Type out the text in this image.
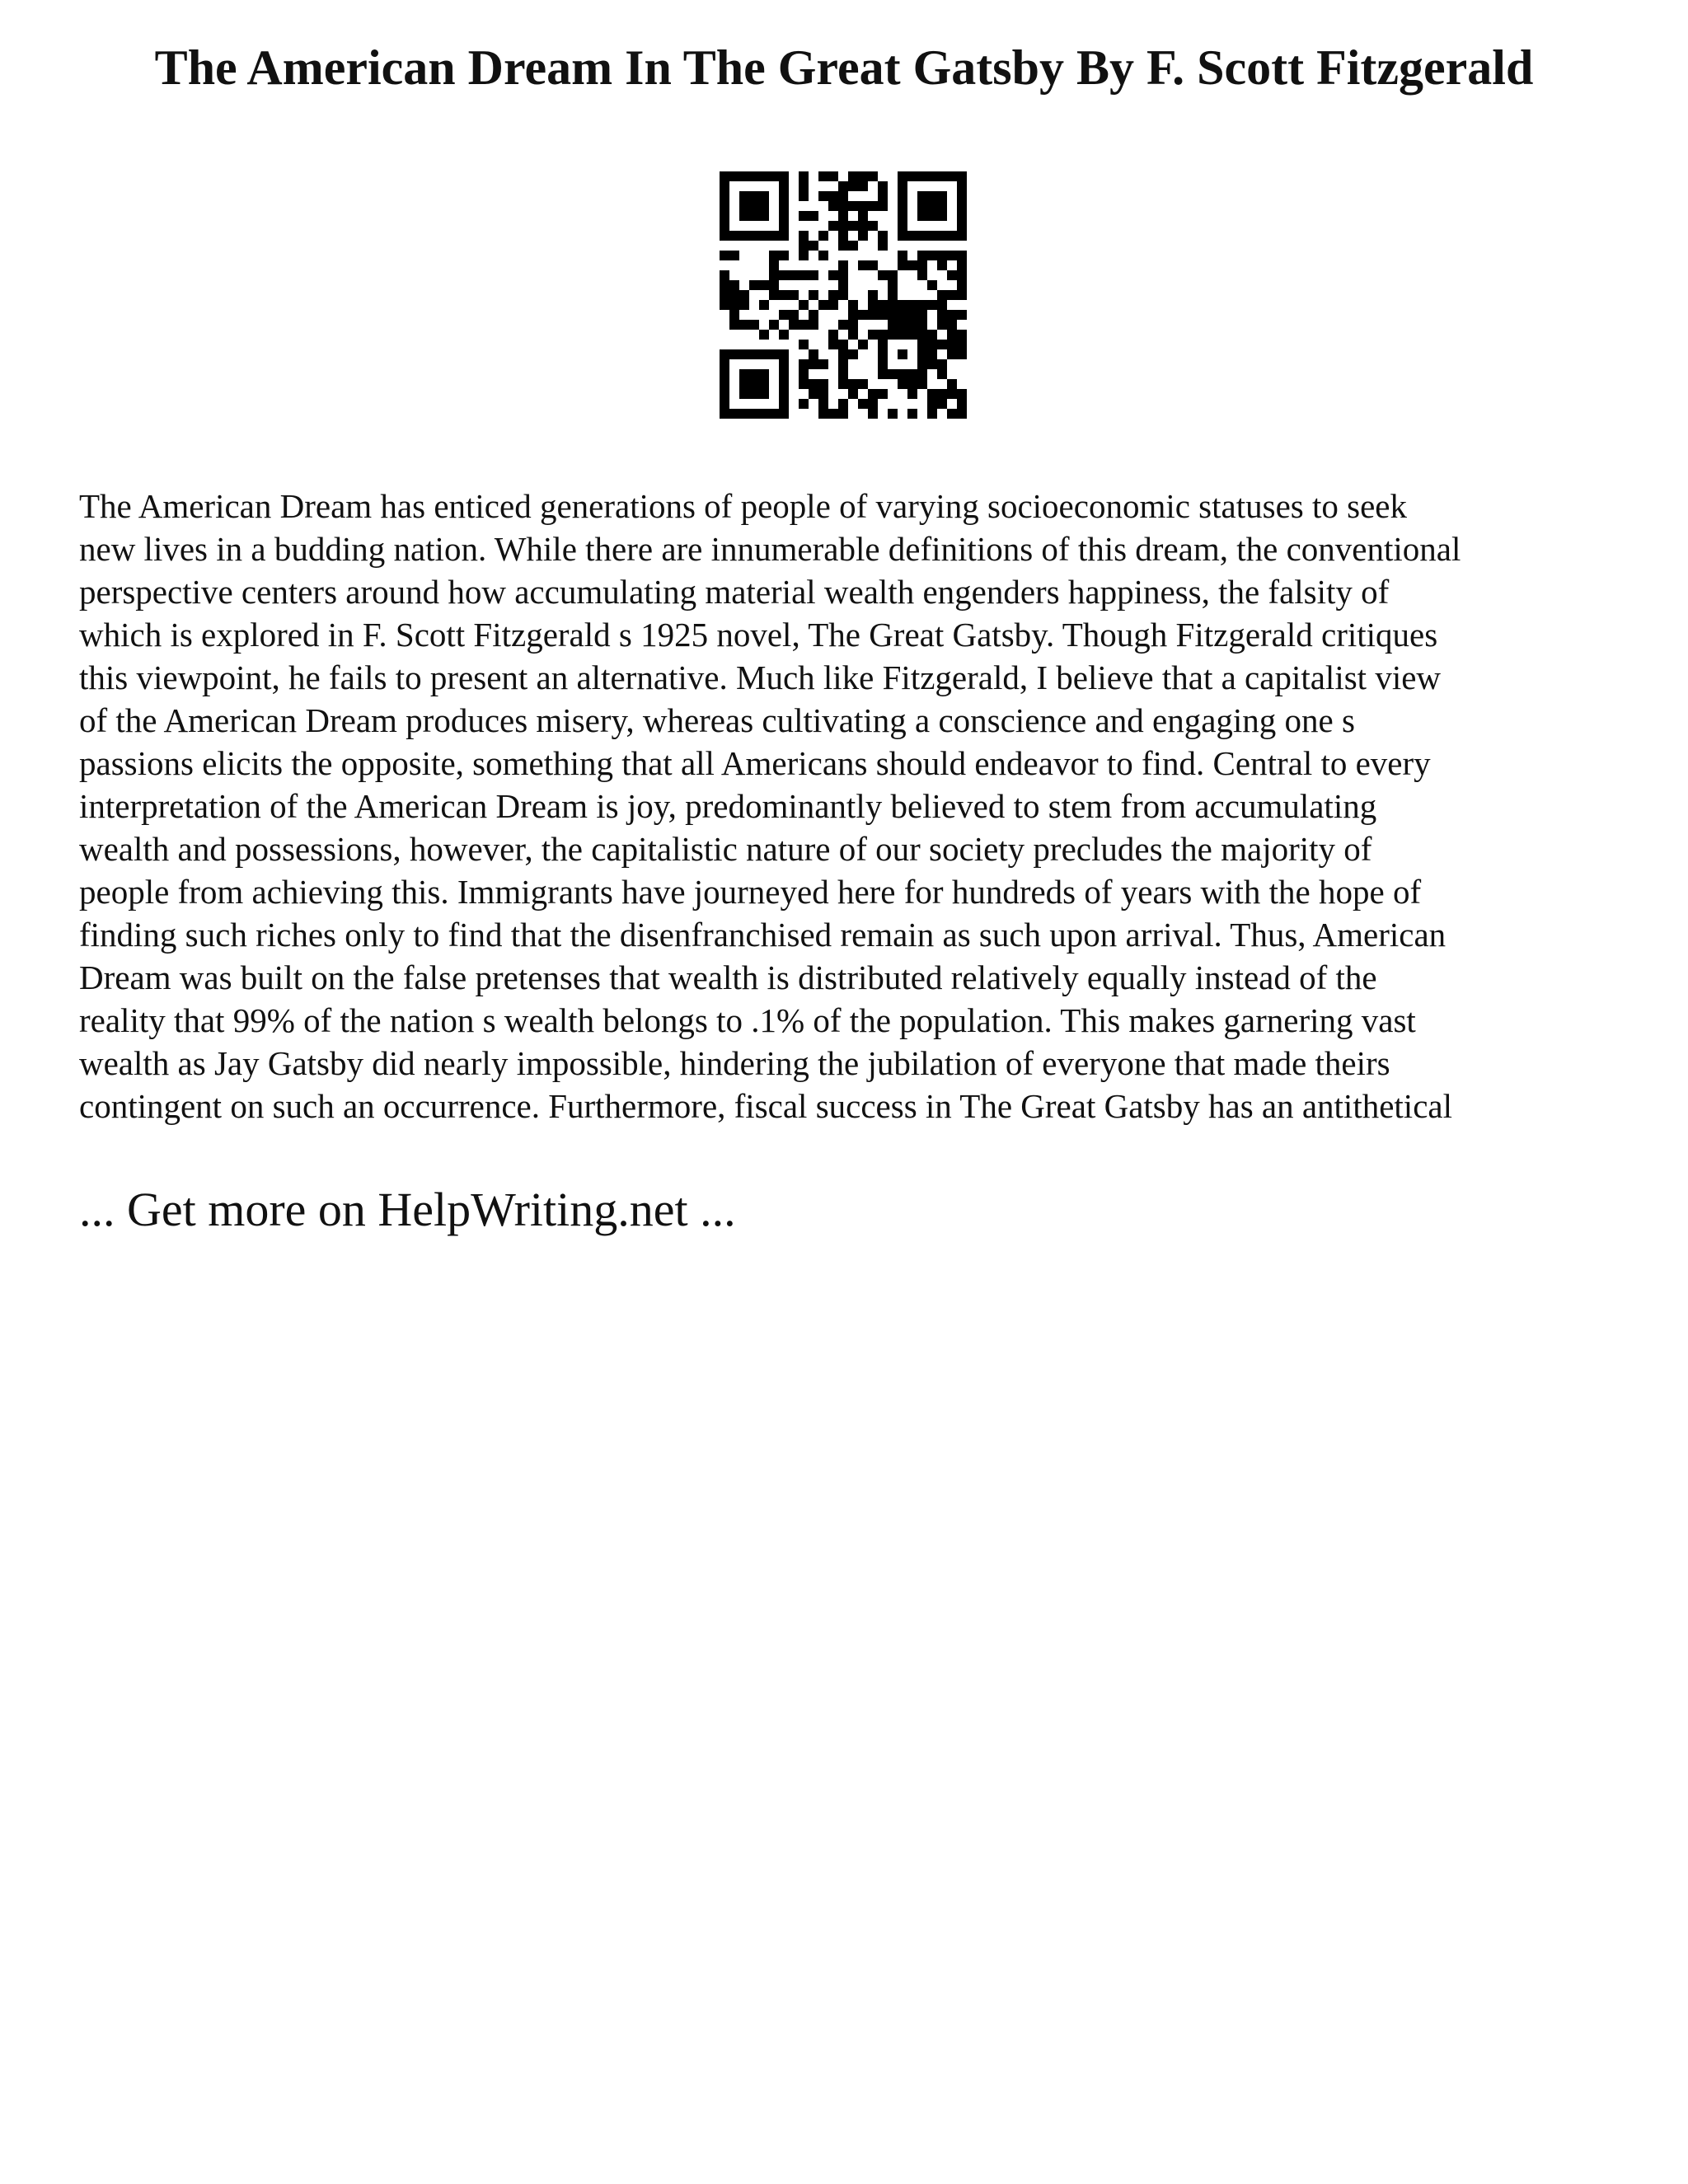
The American Dream In The Great Gatsby By F. Scott Fitzgerald
The American Dream has enticed generations of people of varying socioeconomic statuses to seek
new lives in a budding nation. While there are innumerable definitions of this dream, the conventional
perspective centers around how accumulating material wealth engenders happiness, the falsity of
which is explored in F. Scott Fitzgerald s 1925 novel, The Great Gatsby. Though Fitzgerald critiques
this viewpoint, he fails to present an alternative. Much like Fitzgerald, I believe that a capitalist view
of the American Dream produces misery, whereas cultivating a conscience and engaging one s
passions elicits the opposite, something that all Americans should endeavor to find. Central to every
interpretation of the American Dream is joy, predominantly believed to stem from accumulating
wealth and possessions, however, the capitalistic nature of our society precludes the majority of
people from achieving this. Immigrants have journeyed here for hundreds of years with the hope of
finding such riches only to find that the disenfranchised remain as such upon arrival. Thus, American
Dream was built on the false pretenses that wealth is distributed relatively equally instead of the
reality that 99% of the nation s wealth belongs to .1% of the population. This makes garnering vast
wealth as Jay Gatsby did nearly impossible, hindering the jubilation of everyone that made theirs
contingent on such an occurrence. Furthermore, fiscal success in The Great Gatsby has an antithetical

... Get more on HelpWriting.net ...
